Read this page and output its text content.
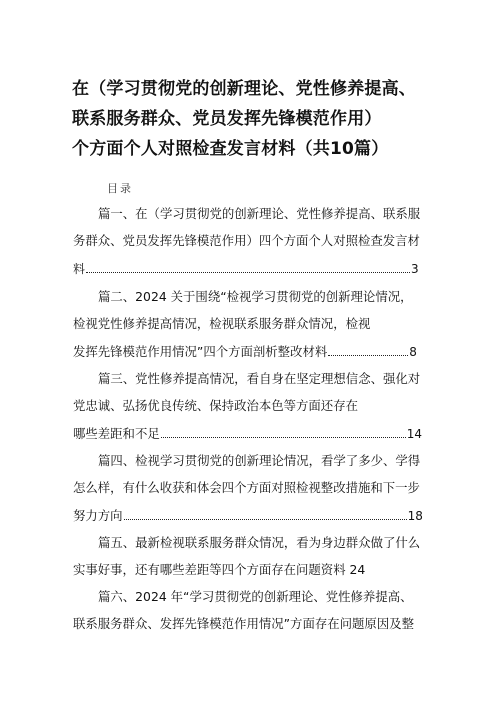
在（学习贯彻党的创新理论、党性修养提高、
联系服务群众、党员发挥先锋模范作用）
个方面个人对照检查发言材料（共10篇）
目录
篇一、在（学习贯彻党的创新理论、党性修养提高、联系服
务群众、党员发挥先锋模范作用）四个方面个人对照检查发言材
料	3
篇二、2024 关于围绕“检视学习贯彻党的创新理论情况，
检视党性修养提高情况，检视联系服务群众情况，检视
发挥先锋模范作用情况”四个方面剖析整改材料	8
篇三、党性修养提高情况，看自身在坚定理想信念、强化对
党忠诚、弘扬优良传统、保持政治本色等方面还存在
哪些差距和不足	14
篇四、检视学习贯彻党的创新理论情况，看学了多少、学得
怎么样，有什么收获和体会四个方面对照检视整改措施和下一步
努力方向	18
篇五、最新检视联系服务群众情况，看为身边群众做了什么
实事好事，还有哪些差距等四个方面存在问题资料 24
篇六、2024 年“学习贯彻党的创新理论、党性修养提高、
联系服务群众、发挥先锋模范作用情况”方面存在问题原因及整
